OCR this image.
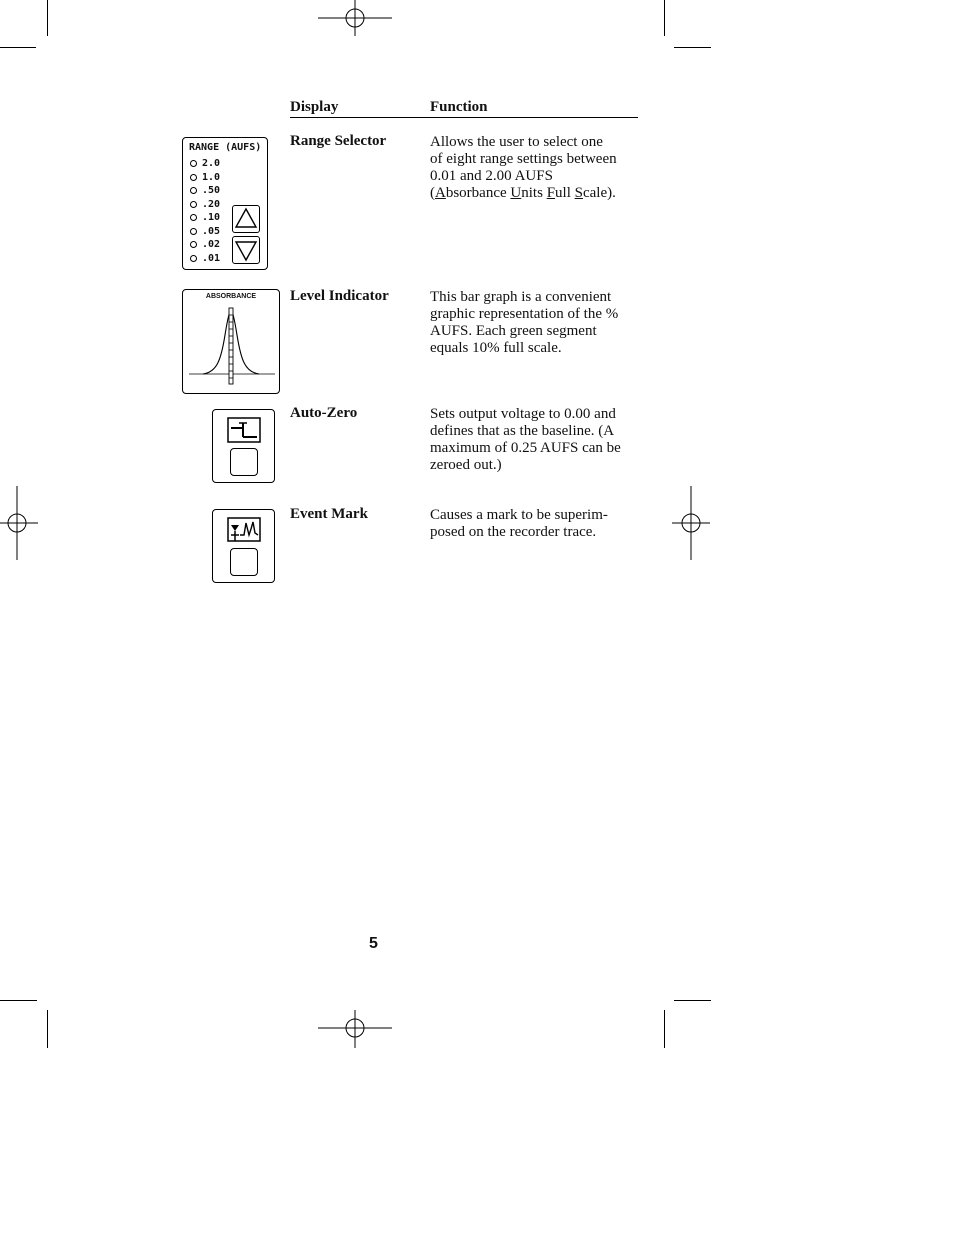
Display	Function
RANGE (AUFS)
2.0
1.0
.50
.20
.10
.05
.02
.01
Range Selector	Allows the user to select one
of eight range settings between
0.01 and 2.00 AUFS
(Absorbance Units Full Scale).
ABSORBANCE	Level Indicator	This bar graph is a convenient
graphic representation of the %
AUFS. Each green segment
equals 10% full scale.
Auto-Zero	Sets output voltage to 0.00 and
defines that as the baseline. (A
maximum of 0.25 AUFS can be
zeroed out.)
Event Mark	Causes a mark to be superim-
posed on the recorder trace.
5
